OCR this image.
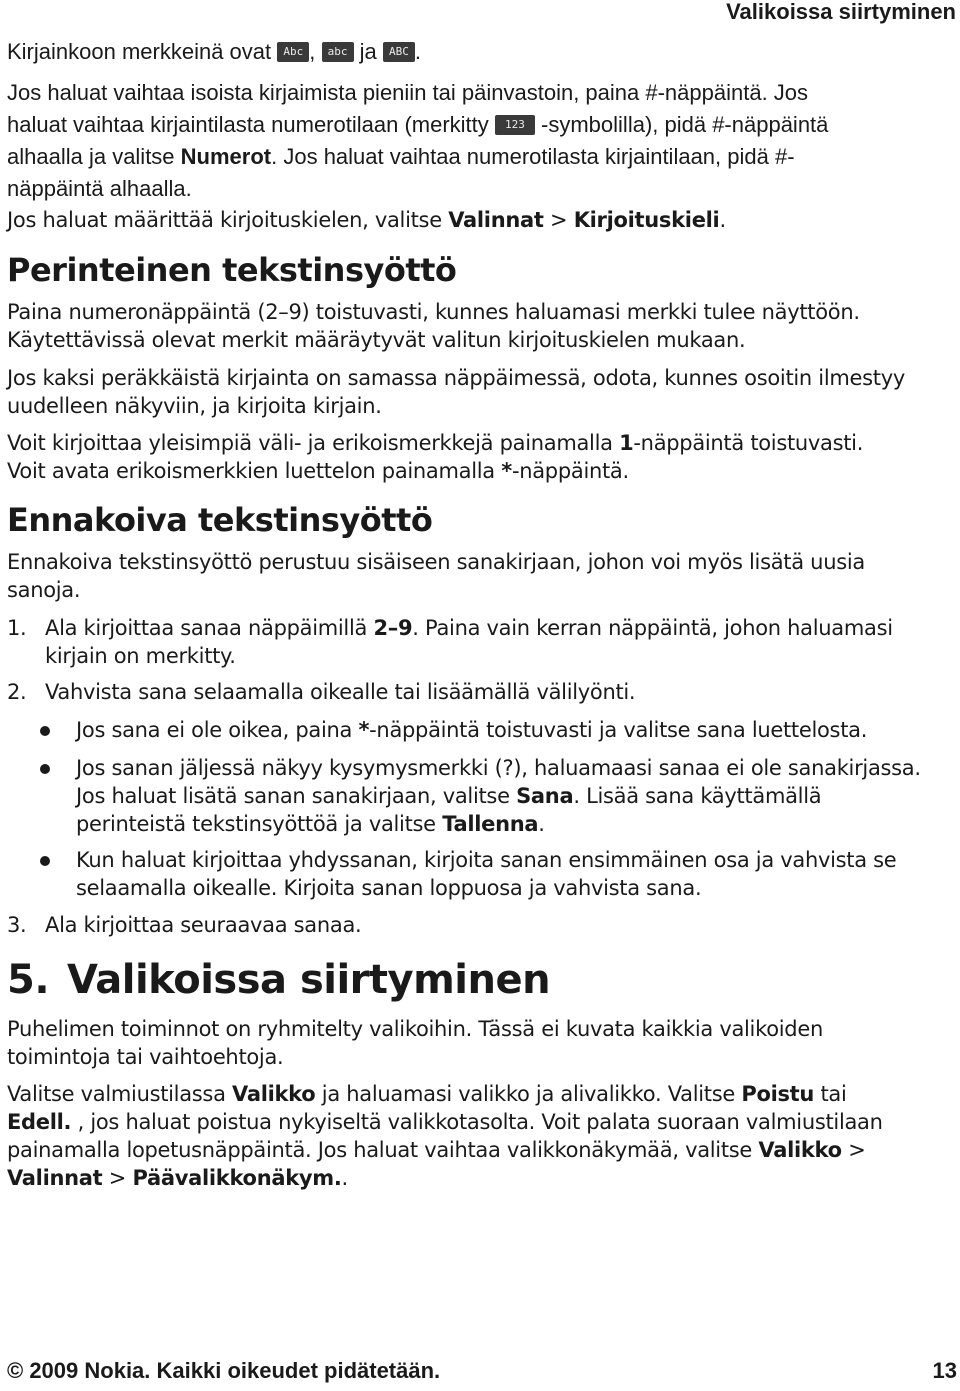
Valikoissa siirtyminen
Kirjainkoon merkkeinä ovat Abc , abc ja ABC .
Jos haluat vaihtaa isoista kirjaimista pieniin tai päinvastoin, paina #-näppäintä. Jos
haluat vaihtaa kirjaintilasta numerotilaan (merkitty 123 -symbolilla), pidä #-näppäintä
alhaalla ja valitse Numerot. Jos haluat vaihtaa numerotilasta kirjaintilaan, pidä #-
näppäintä alhaalla.
Jos haluat määrittää kirjoituskielen, valitse Valinnat > Kirjoituskieli.
Perinteinen tekstinsyöttö
Paina numeronäppäintä (2–9) toistuvasti, kunnes haluamasi merkki tulee näyttöön.
Käytettävissä olevat merkit määräytyvät valitun kirjoituskielen mukaan.
Jos kaksi peräkkäistä kirjainta on samassa näppäimessä, odota, kunnes osoitin ilmestyy
uudelleen näkyviin, ja kirjoita kirjain.
Voit kirjoittaa yleisimpiä väli- ja erikoismerkkejä painamalla 1-näppäintä toistuvasti.
Voit avata erikoismerkkien luettelon painamalla *-näppäintä.
Ennakoiva tekstinsyöttö
Ennakoiva tekstinsyöttö perustuu sisäiseen sanakirjaan, johon voi myös lisätä uusia
sanoja.
1. Ala kirjoittaa sanaa näppäimillä 2–9. Paina vain kerran näppäintä, johon haluamasi
kirjain on merkitty.
2. Vahvista sana selaamalla oikealle tai lisäämällä välilyönti.
Jos sana ei ole oikea, paina *-näppäintä toistuvasti ja valitse sana luettelosta.
Jos sanan jäljessä näkyy kysymysmerkki (?), haluamaasi sanaa ei ole sanakirjassa.
Jos haluat lisätä sanan sanakirjaan, valitse Sana. Lisää sana käyttämällä
perinteistä tekstinsyöttöä ja valitse Tallenna.
Kun haluat kirjoittaa yhdyssanan, kirjoita sanan ensimmäinen osa ja vahvista se
selaamalla oikealle. Kirjoita sanan loppuosa ja vahvista sana.
3. Ala kirjoittaa seuraavaa sanaa.
5. Valikoissa siirtyminen
Puhelimen toiminnot on ryhmitelty valikoihin. Tässä ei kuvata kaikkia valikoiden
toimintoja tai vaihtoehtoja.
Valitse valmiustilassa Valikko ja haluamasi valikko ja alivalikko. Valitse Poistu tai
Edell. , jos haluat poistua nykyiseltä valikkotasolta. Voit palata suoraan valmiustilaan
painamalla lopetusnäppäintä. Jos haluat vaihtaa valikkonäkymää, valitse Valikko >
Valinnat > Päävalikkonäkym..
© 2009 Nokia. Kaikki oikeudet pidätetään.	13
